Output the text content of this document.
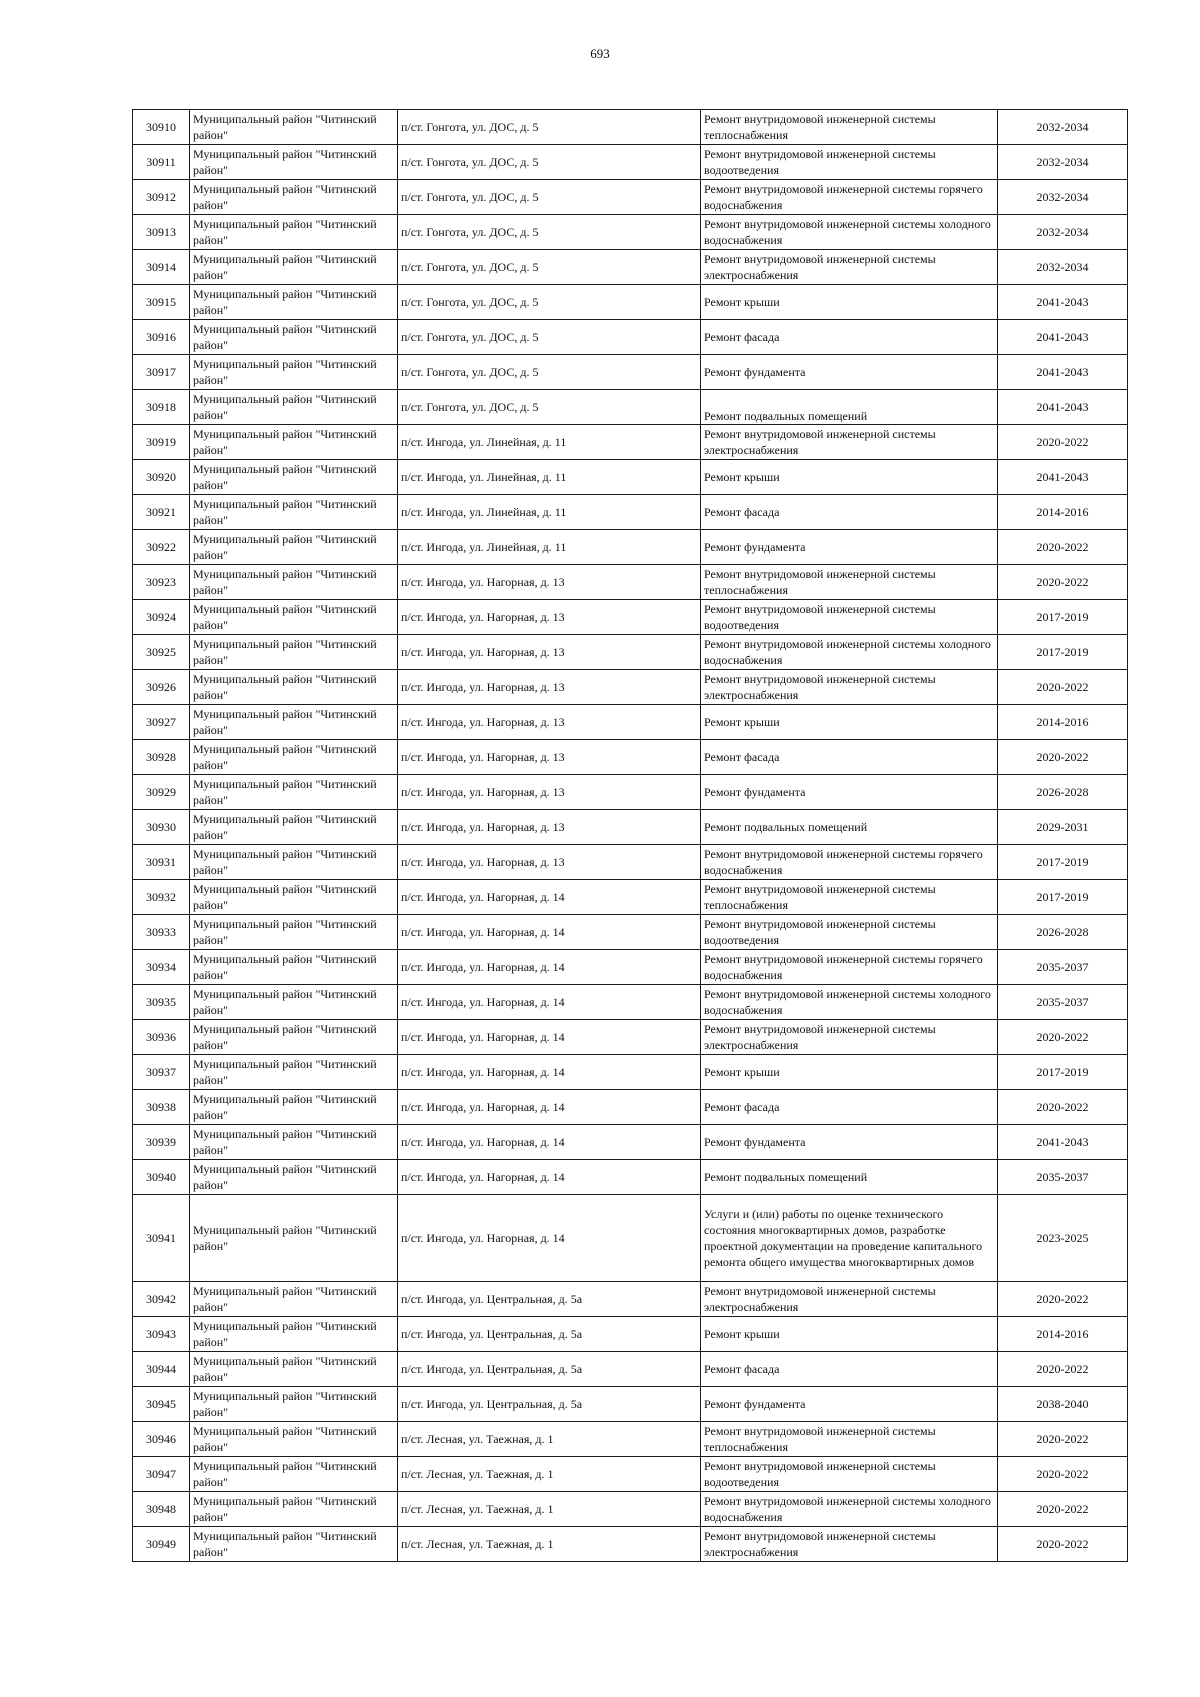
693
30910	Муниципальный район "Читинский район"	п/ст. Гонгота, ул. ДОС, д. 5	Ремонт внутридомовой инженерной системы теплоснабжения	2032-2034
30911	Муниципальный район "Читинский район"	п/ст. Гонгота, ул. ДОС, д. 5	Ремонт внутридомовой инженерной системы водоотведения	2032-2034
30912	Муниципальный район "Читинский район"	п/ст. Гонгота, ул. ДОС, д. 5	Ремонт внутридомовой инженерной системы горячего водоснабжения	2032-2034
30913	Муниципальный район "Читинский район"	п/ст. Гонгота, ул. ДОС, д. 5	Ремонт внутридомовой инженерной системы холодного водоснабжения	2032-2034
30914	Муниципальный район "Читинский район"	п/ст. Гонгота, ул. ДОС, д. 5	Ремонт внутридомовой инженерной системы электроснабжения	2032-2034
30915	Муниципальный район "Читинский район"	п/ст. Гонгота, ул. ДОС, д. 5	Ремонт крыши	2041-2043
30916	Муниципальный район "Читинский район"	п/ст. Гонгота, ул. ДОС, д. 5	Ремонт фасада	2041-2043
30917	Муниципальный район "Читинский район"	п/ст. Гонгота, ул. ДОС, д. 5	Ремонт фундамента	2041-2043
30918	Муниципальный район "Читинский район"	п/ст. Гонгота, ул. ДОС, д. 5	Ремонт подвальных помещений	2041-2043
30919	Муниципальный район "Читинский район"	п/ст. Ингода, ул. Линейная, д. 11	Ремонт внутридомовой инженерной системы электроснабжения	2020-2022
30920	Муниципальный район "Читинский район"	п/ст. Ингода, ул. Линейная, д. 11	Ремонт крыши	2041-2043
30921	Муниципальный район "Читинский район"	п/ст. Ингода, ул. Линейная, д. 11	Ремонт фасада	2014-2016
30922	Муниципальный район "Читинский район"	п/ст. Ингода, ул. Линейная, д. 11	Ремонт фундамента	2020-2022
30923	Муниципальный район "Читинский район"	п/ст. Ингода, ул. Нагорная, д. 13	Ремонт внутридомовой инженерной системы теплоснабжения	2020-2022
30924	Муниципальный район "Читинский район"	п/ст. Ингода, ул. Нагорная, д. 13	Ремонт внутридомовой инженерной системы водоотведения	2017-2019
30925	Муниципальный район "Читинский район"	п/ст. Ингода, ул. Нагорная, д. 13	Ремонт внутридомовой инженерной системы холодного водоснабжения	2017-2019
30926	Муниципальный район "Читинский район"	п/ст. Ингода, ул. Нагорная, д. 13	Ремонт внутридомовой инженерной системы электроснабжения	2020-2022
30927	Муниципальный район "Читинский район"	п/ст. Ингода, ул. Нагорная, д. 13	Ремонт крыши	2014-2016
30928	Муниципальный район "Читинский район"	п/ст. Ингода, ул. Нагорная, д. 13	Ремонт фасада	2020-2022
30929	Муниципальный район "Читинский район"	п/ст. Ингода, ул. Нагорная, д. 13	Ремонт фундамента	2026-2028
30930	Муниципальный район "Читинский район"	п/ст. Ингода, ул. Нагорная, д. 13	Ремонт подвальных помещений	2029-2031
30931	Муниципальный район "Читинский район"	п/ст. Ингода, ул. Нагорная, д. 13	Ремонт внутридомовой инженерной системы горячего водоснабжения	2017-2019
30932	Муниципальный район "Читинский район"	п/ст. Ингода, ул. Нагорная, д. 14	Ремонт внутридомовой инженерной системы теплоснабжения	2017-2019
30933	Муниципальный район "Читинский район"	п/ст. Ингода, ул. Нагорная, д. 14	Ремонт внутридомовой инженерной системы водоотведения	2026-2028
30934	Муниципальный район "Читинский район"	п/ст. Ингода, ул. Нагорная, д. 14	Ремонт внутридомовой инженерной системы горячего водоснабжения	2035-2037
30935	Муниципальный район "Читинский район"	п/ст. Ингода, ул. Нагорная, д. 14	Ремонт внутридомовой инженерной системы холодного водоснабжения	2035-2037
30936	Муниципальный район "Читинский район"	п/ст. Ингода, ул. Нагорная, д. 14	Ремонт внутридомовой инженерной системы электроснабжения	2020-2022
30937	Муниципальный район "Читинский район"	п/ст. Ингода, ул. Нагорная, д. 14	Ремонт крыши	2017-2019
30938	Муниципальный район "Читинский район"	п/ст. Ингода, ул. Нагорная, д. 14	Ремонт фасада	2020-2022
30939	Муниципальный район "Читинский район"	п/ст. Ингода, ул. Нагорная, д. 14	Ремонт фундамента	2041-2043
30940	Муниципальный район "Читинский район"	п/ст. Ингода, ул. Нагорная, д. 14	Ремонт подвальных помещений	2035-2037
30941	Муниципальный район "Читинский район"	п/ст. Ингода, ул. Нагорная, д. 14	Услуги и (или) работы по оценке технического состояния многоквартирных домов, разработке проектной документации на проведение капитального ремонта общего имущества многоквартирных домов	2023-2025
30942	Муниципальный район "Читинский район"	п/ст. Ингода, ул. Центральная, д. 5а	Ремонт внутридомовой инженерной системы электроснабжения	2020-2022
30943	Муниципальный район "Читинский район"	п/ст. Ингода, ул. Центральная, д. 5а	Ремонт крыши	2014-2016
30944	Муниципальный район "Читинский район"	п/ст. Ингода, ул. Центральная, д. 5а	Ремонт фасада	2020-2022
30945	Муниципальный район "Читинский район"	п/ст. Ингода, ул. Центральная, д. 5а	Ремонт фундамента	2038-2040
30946	Муниципальный район "Читинский район"	п/ст. Лесная, ул. Таежная, д. 1	Ремонт внутридомовой инженерной системы теплоснабжения	2020-2022
30947	Муниципальный район "Читинский район"	п/ст. Лесная, ул. Таежная, д. 1	Ремонт внутридомовой инженерной системы водоотведения	2020-2022
30948	Муниципальный район "Читинский район"	п/ст. Лесная, ул. Таежная, д. 1	Ремонт внутридомовой инженерной системы холодного водоснабжения	2020-2022
30949	Муниципальный район "Читинский район"	п/ст. Лесная, ул. Таежная, д. 1	Ремонт внутридомовой инженерной системы электроснабжения	2020-2022
